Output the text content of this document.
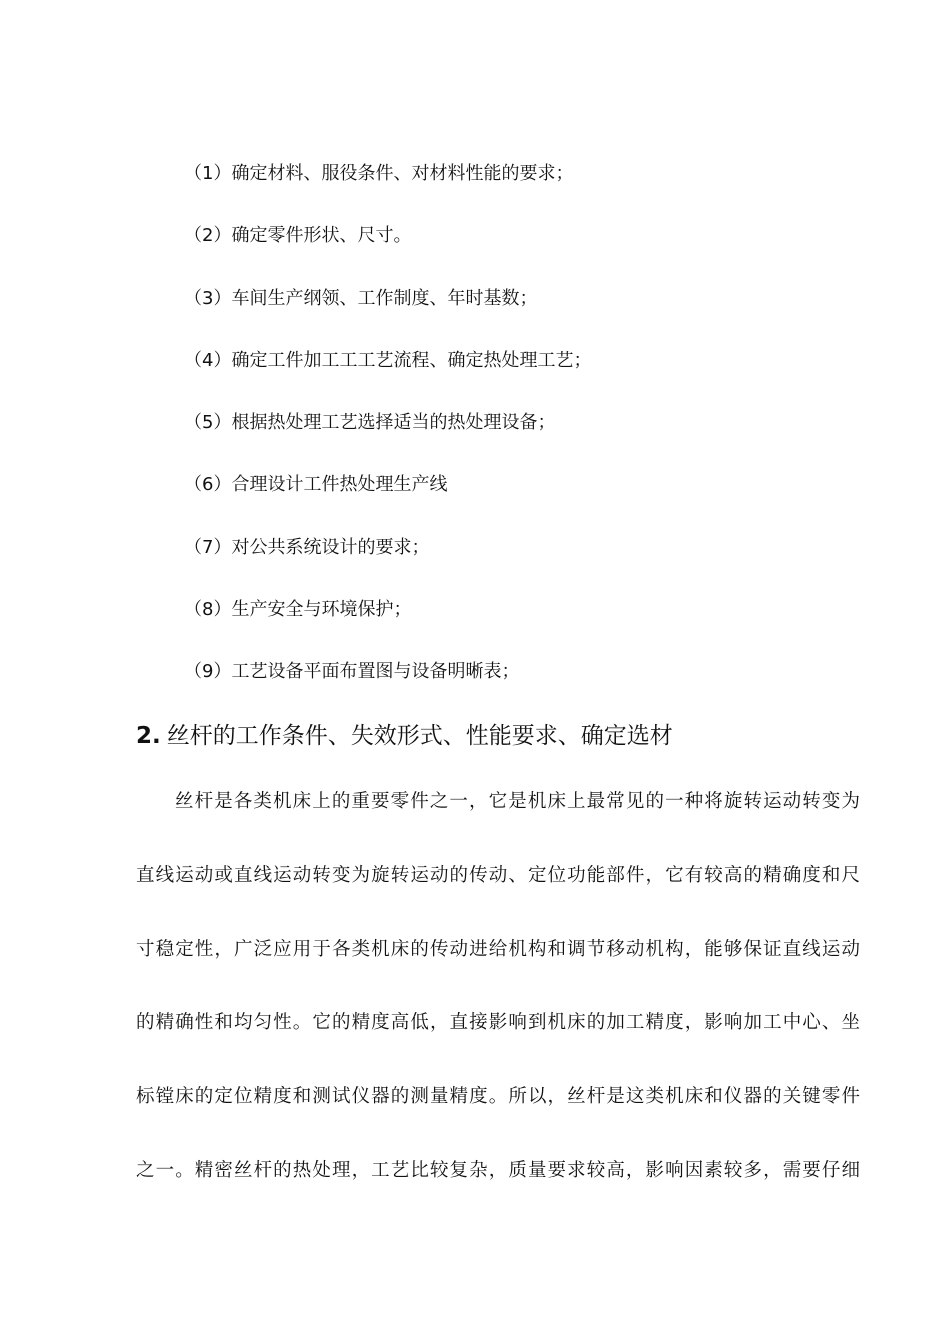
（1）确定材料、服役条件、对材料性能的要求；
（2）确定零件形状、尺寸。
（3）车间生产纲领、工作制度、年时基数；
（4）确定工件加工工工艺流程、确定热处理工艺；
（5）根据热处理工艺选择适当的热处理设备；
（6）合理设计工件热处理生产线
（7）对公共系统设计的要求；
（8）生产安全与环境保护；
（9）工艺设备平面布置图与设备明晰表；
2. 丝杆的工作条件、失效形式、性能要求、确定选材
丝杆是各类机床上的重要零件之一，它是机床上最常见的一种将旋转运动转变为
直线运动或直线运动转变为旋转运动的传动、定位功能部件，它有较高的精确度和尺
寸稳定性，广泛应用于各类机床的传动进给机构和调节移动机构，能够保证直线运动
的精确性和均匀性。它的精度高低，直接影响到机床的加工精度，影响加工中心、坐
标镗床的定位精度和测试仪器的测量精度。所以，丝杆是这类机床和仪器的关键零件
之一。精密丝杆的热处理，工艺比较复杂，质量要求较高，影响因素较多，需要仔细
